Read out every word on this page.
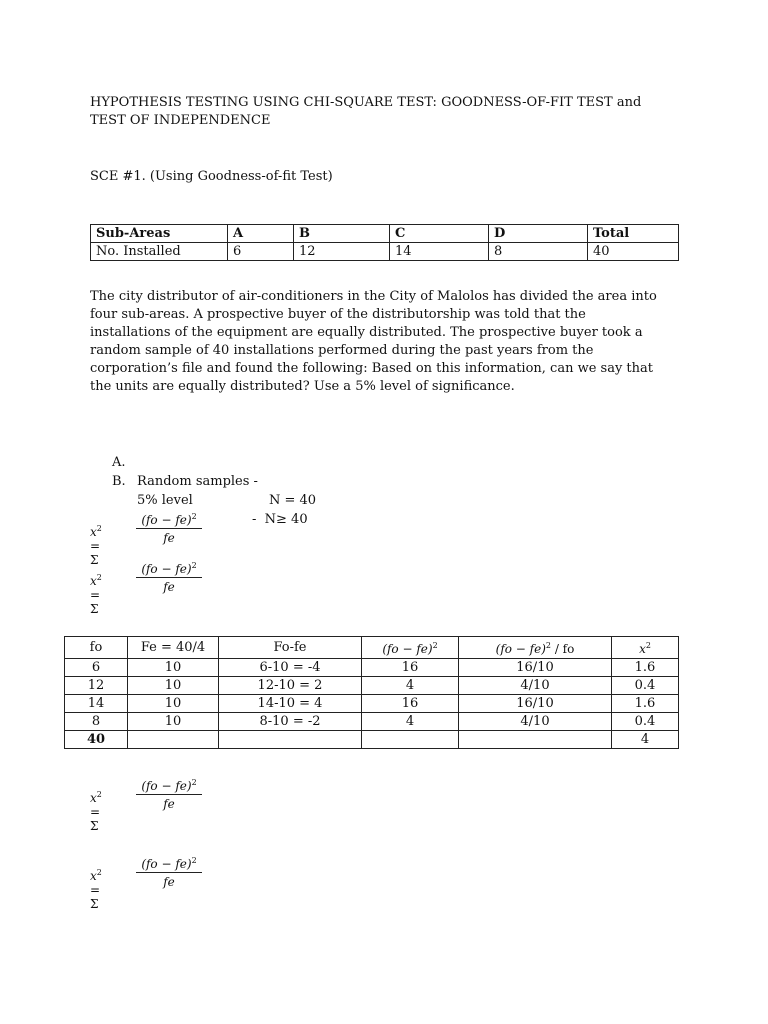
HYPOTHESIS TESTING USING CHI-SQUARE TEST: GOODNESS-OF-FIT TEST and
TEST OF INDEPENDENCE
SCE #1. (Using Goodness-of-fit Test)
Sub-Areas	A	B	C	D	Total
No. Installed	6	12	14	8	40
The city distributor of air-conditioners in the City of Malolos has divided the area into
four sub-areas. A prospective buyer of the distributorship was told that the
installations of the equipment are equally distributed. The prospective buyer took a
random sample of 40 installations performed during the past years from the
corporation’s file and found the following: Based on this information, can we say that
the units are equally distributed? Use a 5% level of significance.

A.

Random samples -

N = 40

B.

5% level

-  N≥ 40

$x^2 = \Sigma$
$\frac{(fo - fe)^2}{fe}$
$x^2 = \Sigma$
$\frac{(fo - fe)^2}{fe}$
fo	Fe = 40/4	Fo-fe	(fo − fe)$^2$	(fo − fe)$^2$ / fo	$x^2$
6	10	6-10 = -4	16	16/10	1.6
12	10	12-10 = 2	4	4/10	0.4
14	10	14-10 = 4	16	16/10	1.6
8	10	8-10 = -2	4	4/10	0.4
40					4
$x^2 = \Sigma$
$\frac{(fo - fe)^2}{fe}$
$x^2 = \Sigma$
$\frac{(fo - fe)^2}{fe}$
